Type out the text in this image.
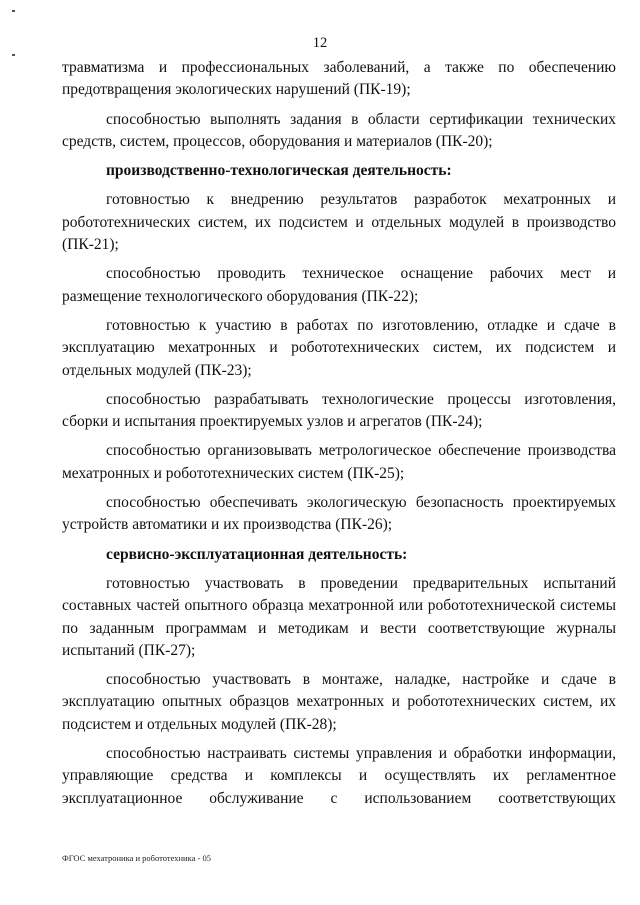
12

травматизма и профессиональных заболеваний, а также по обеспечению предотвращения экологических нарушений (ПК-19);

способностью выполнять задания в области сертификации технических средств, систем, процессов, оборудования и материалов (ПК-20);

производственно-технологическая деятельность:

готовностью к внедрению результатов разработок мехатронных и робототехнических систем, их подсистем и отдельных модулей в производство (ПК-21);

способностью проводить техническое оснащение рабочих мест и размещение технологического оборудования (ПК-22);

готовностью к участию в работах по изготовлению, отладке и сдаче в эксплуатацию мехатронных и робототехнических систем, их подсистем и отдельных модулей (ПК-23);

способностью разрабатывать технологические процессы изготовления, сборки и испытания проектируемых узлов и агрегатов (ПК-24);

способностью организовывать метрологическое обеспечение производства мехатронных и робототехнических систем (ПК-25);

способностью обеспечивать экологическую безопасность проектируемых устройств автоматики и их производства (ПК-26);

сервисно-эксплуатационная деятельность:

готовностью участвовать в проведении предварительных испытаний составных частей опытного образца мехатронной или робототехнической системы по заданным программам и методикам и вести соответствующие журналы испытаний (ПК-27);

способностью участвовать в монтаже, наладке, настройке и сдаче в эксплуатацию опытных образцов мехатронных и робототехнических систем, их подсистем и отдельных модулей (ПК-28);

способностью настраивать системы управления и обработки информации, управляющие средства и комплексы и осуществлять их регламентное эксплуатационное обслуживание с использованием соответствующих

ФГОС мехатроника и робототехника - 05
